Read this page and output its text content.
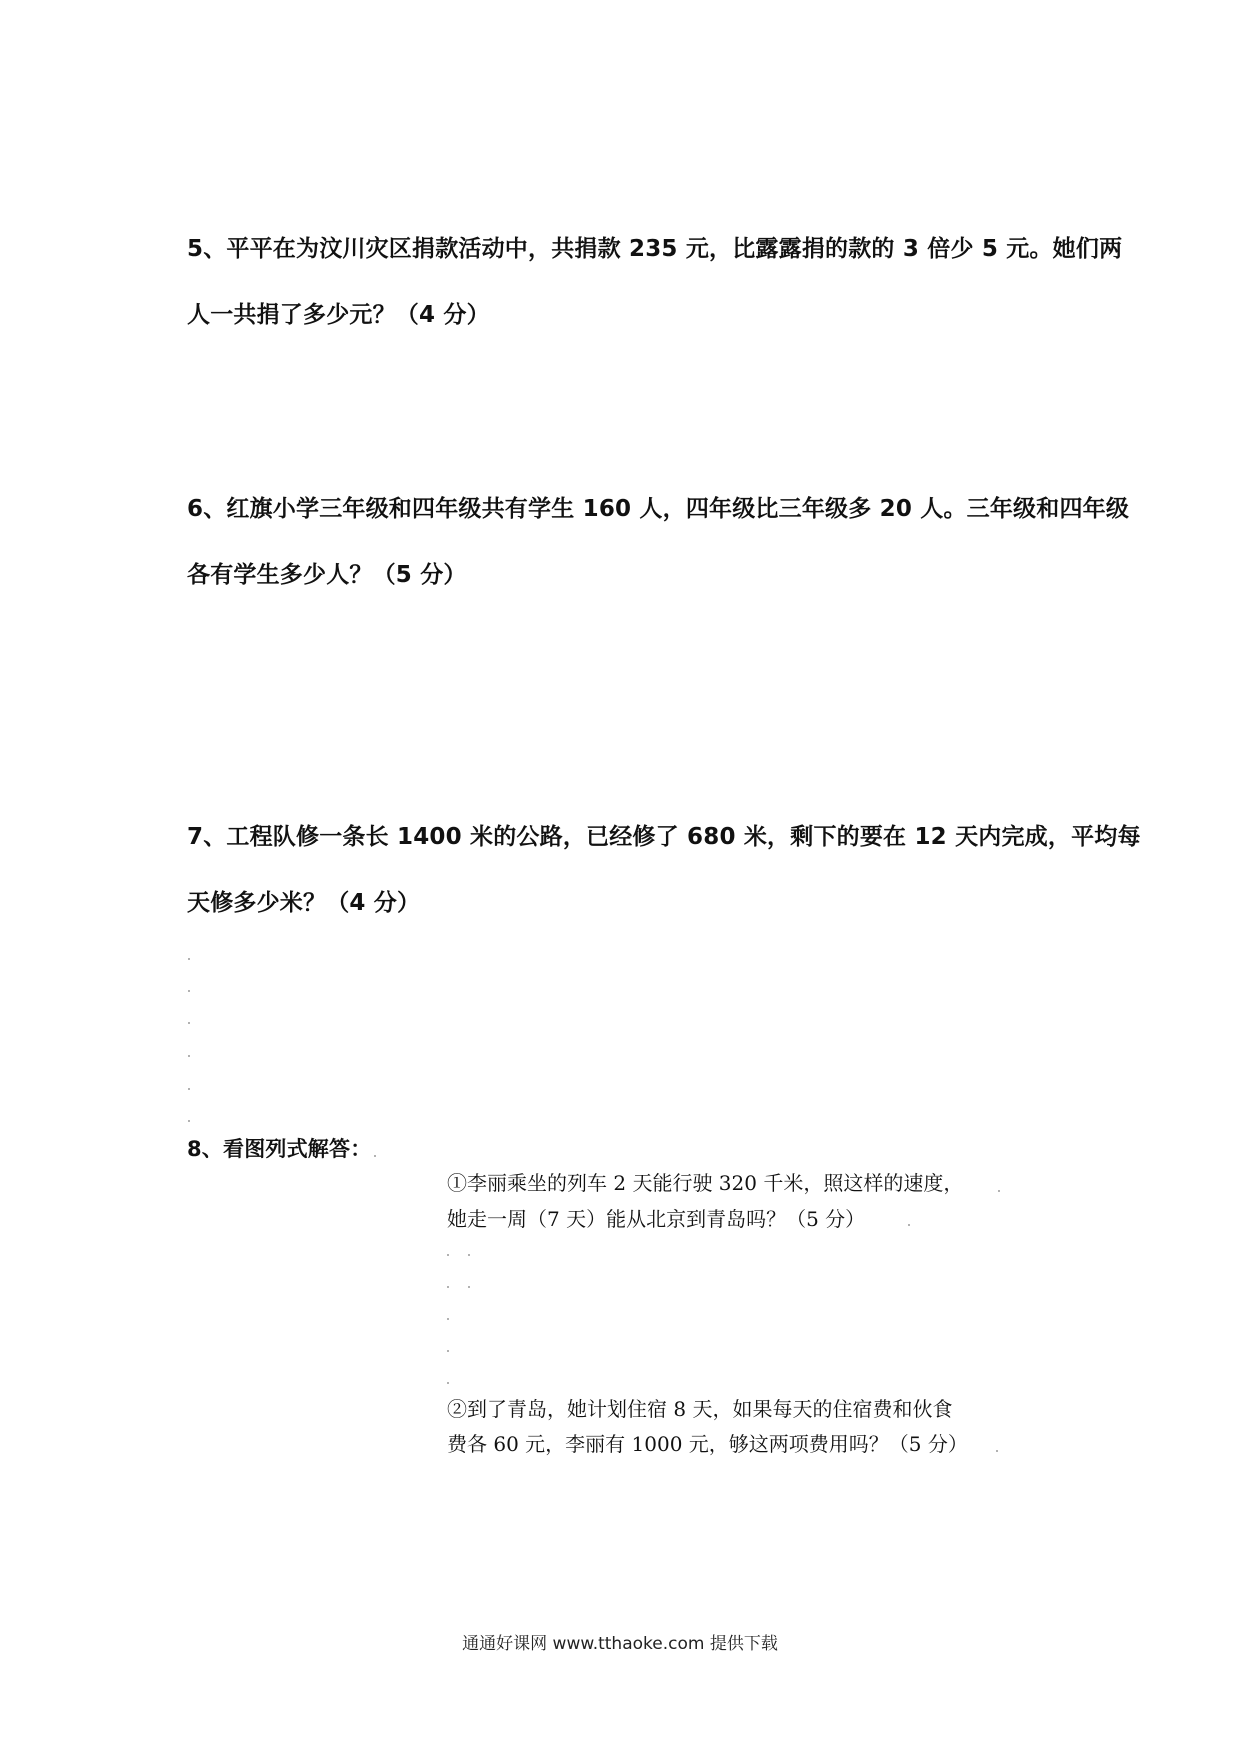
5、平平在为汶川灾区捐款活动中，共捐款 235 元，比露露捐的款的 3 倍少 5 元。她们两

人一共捐了多少元？（4 分）

6、红旗小学三年级和四年级共有学生 160 人，四年级比三年级多 20 人。三年级和四年级

各有学生多少人？（5 分）

7、工程队修一条长 1400 米的公路，已经修了 680 米，剩下的要在 12 天内完成，平均每

天修多少米？（4 分）

8、看图列式解答：

①李丽乘坐的列车 2 天能行驶 320 千米，照这样的速度，

她走一周（7 天）能从北京到青岛吗？（5 分）

②到了青岛，她计划住宿 8 天，如果每天的住宿费和伙食

费各 60 元，李丽有 1000 元，够这两项费用吗？（5 分）

通通好课网 www.tthaoke.com 提供下载
